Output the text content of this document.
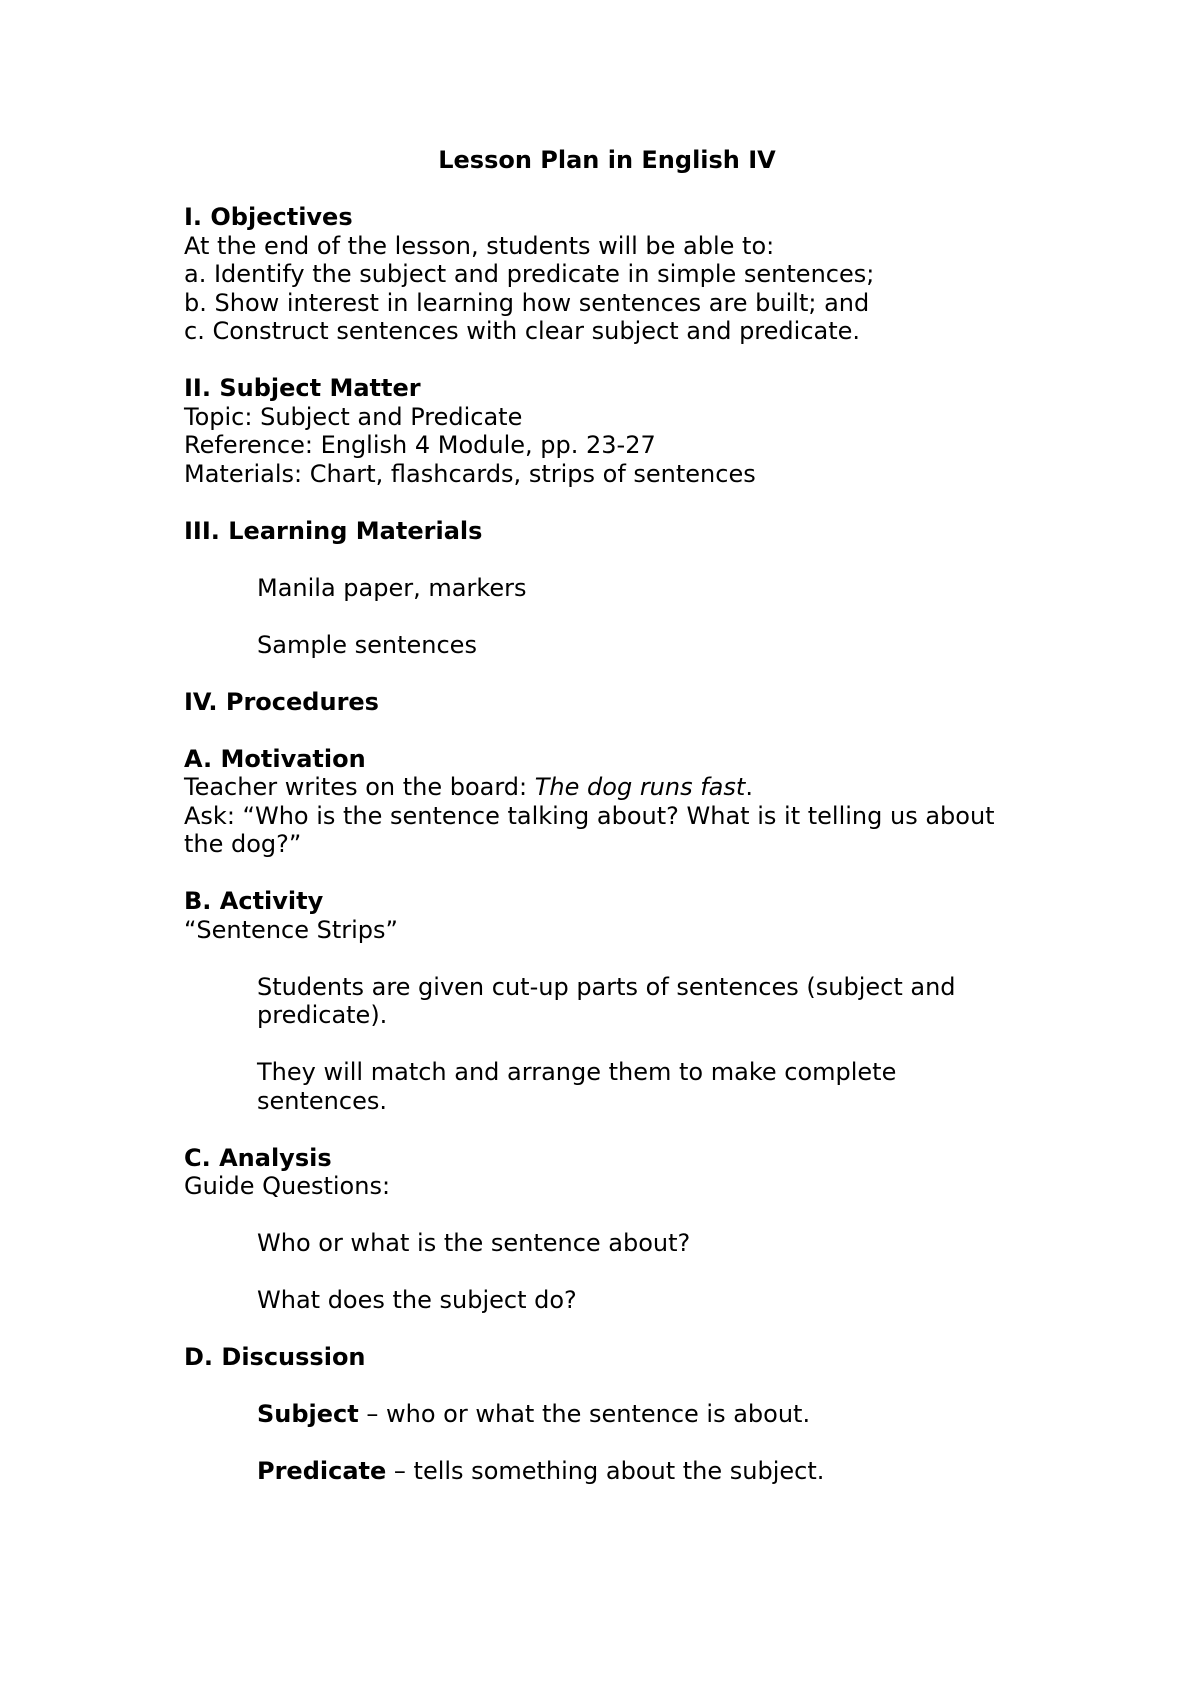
Lesson Plan in English IV

I. Objectives

At the end of the lesson, students will be able to:

a. Identify the subject and predicate in simple sentences;

b. Show interest in learning how sentences are built; and

c. Construct sentences with clear subject and predicate.

II. Subject Matter

Topic: Subject and Predicate

Reference: English 4 Module, pp. 23-27

Materials: Chart, flashcards, strips of sentences

III. Learning Materials

Manila paper, markers

Sample sentences

IV. Procedures

A. Motivation

Teacher writes on the board: The dog runs fast.

Ask: “Who is the sentence talking about? What is it telling us about

the dog?”

B. Activity

“Sentence Strips”

Students are given cut-up parts of sentences (subject and
predicate).

They will match and arrange them to make complete
sentences.

C. Analysis

Guide Questions:

Who or what is the sentence about?

What does the subject do?

D. Discussion

Subject – who or what the sentence is about.

Predicate – tells something about the subject.
